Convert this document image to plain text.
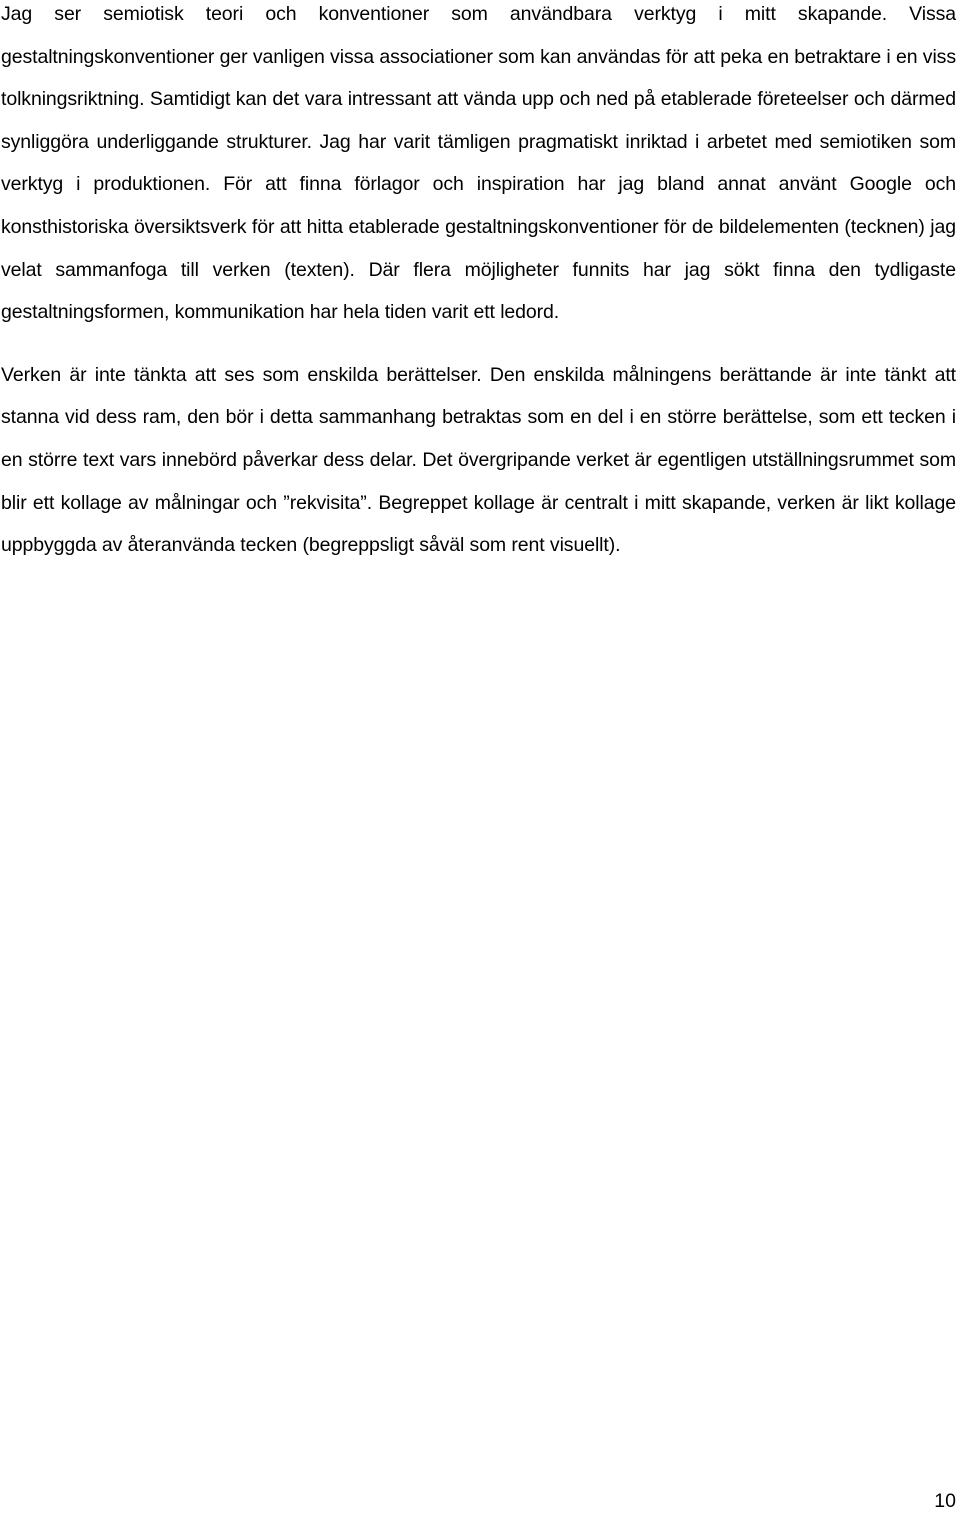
Jag ser semiotisk teori och konventioner som användbara verktyg i mitt skapande. Vissa gestaltningskonventioner ger vanligen vissa associationer som kan användas för att peka en betraktare i en viss tolkningsriktning. Samtidigt kan det vara intressant att vända upp och ned på etablerade företeelser och därmed synliggöra underliggande strukturer. Jag har varit tämligen pragmatiskt inriktad i arbetet med semiotiken som verktyg i produktionen. För att finna förlagor och inspiration har jag bland annat använt Google och konsthistoriska översiktsverk för att hitta etablerade gestaltningskonventioner för de bildelementen (tecknen) jag velat sammanfoga till verken (texten). Där flera möjligheter funnits har jag sökt finna den tydligaste gestaltningsformen, kommunikation har hela tiden varit ett ledord.

Verken är inte tänkta att ses som enskilda berättelser. Den enskilda målningens berättande är inte tänkt att stanna vid dess ram, den bör i detta sammanhang betraktas som en del i en större berättelse, som ett tecken i en större text vars innebörd påverkar dess delar. Det övergripande verket är egentligen utställningsrummet som blir ett kollage av målningar och ”rekvisita”. Begreppet kollage är centralt i mitt skapande, verken är likt kollage uppbyggda av återanvända tecken (begreppsligt såväl som rent visuellt).

10
